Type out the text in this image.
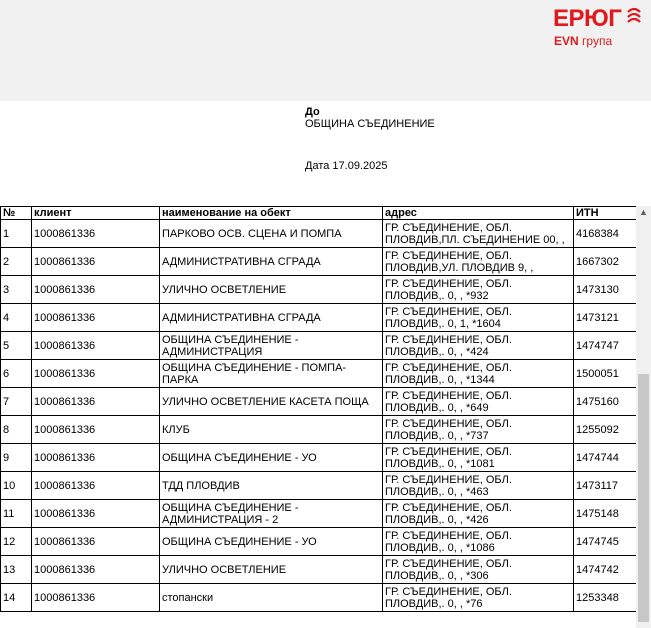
ЕРЮГ
EVN група
До
ОБЩИНА СЪЕДИНЕНИЕ
Дата 17.09.2025
№	клиент	наименование на обект	адрес	ИТН
1	1000861336	ПАРКОВО ОСВ. СЦЕНА И ПОМПА	ГР. СЪЕДИНЕНИЕ, ОБЛ. ПЛОВДИВ,ПЛ. СЪЕДИНЕНИЕ 00, ,	4168384
2	1000861336	АДМИНИСТРАТИВНА СГРАДА	ГР. СЪЕДИНЕНИЕ, ОБЛ. ПЛОВДИВ,УЛ. ПЛОВДИВ 9, ,	1667302
3	1000861336	УЛИЧНО ОСВЕТЛЕНИЕ	ГР. СЪЕДИНЕНИЕ, ОБЛ. ПЛОВДИВ,. 0, , *932	1473130
4	1000861336	АДМИНИСТРАТИВНА СГРАДА	ГР. СЪЕДИНЕНИЕ, ОБЛ. ПЛОВДИВ,. 0, 1, *1604	1473121
5	1000861336	ОБЩИНА СЪЕДИНЕНИЕ - АДМИНИСТРАЦИЯ	ГР. СЪЕДИНЕНИЕ, ОБЛ. ПЛОВДИВ,. 0, , *424	1474747
6	1000861336	ОБЩИНА СЪЕДИНЕНИЕ - ПОМПА-ПАРКА	ГР. СЪЕДИНЕНИЕ, ОБЛ. ПЛОВДИВ,. 0, , *1344	1500051
7	1000861336	УЛИЧНО ОСВЕТЛЕНИЕ КАСЕТА ПОЩА	ГР. СЪЕДИНЕНИЕ, ОБЛ. ПЛОВДИВ,. 0, , *649	1475160
8	1000861336	КЛУБ	ГР. СЪЕДИНЕНИЕ, ОБЛ. ПЛОВДИВ,. 0, , *737	1255092
9	1000861336	ОБЩИНА СЪЕДИНЕНИЕ - УО	ГР. СЪЕДИНЕНИЕ, ОБЛ. ПЛОВДИВ,. 0, , *1081	1474744
10	1000861336	ТДД ПЛОВДИВ	ГР. СЪЕДИНЕНИЕ, ОБЛ. ПЛОВДИВ,. 0, , *463	1473117
11	1000861336	ОБЩИНА СЪЕДИНЕНИЕ - АДМИНИСТРАЦИЯ - 2	ГР. СЪЕДИНЕНИЕ, ОБЛ. ПЛОВДИВ,. 0, , *426	1475148
12	1000861336	ОБЩИНА СЪЕДИНЕНИЕ - УО	ГР. СЪЕДИНЕНИЕ, ОБЛ. ПЛОВДИВ,. 0, , *1086	1474745
13	1000861336	УЛИЧНО ОСВЕТЛЕНИЕ	ГР. СЪЕДИНЕНИЕ, ОБЛ. ПЛОВДИВ,. 0, , *306	1474742
14	1000861336	стопански	ГР. СЪЕДИНЕНИЕ, ОБЛ. ПЛОВДИВ,. 0, , *76	1253348
▲
